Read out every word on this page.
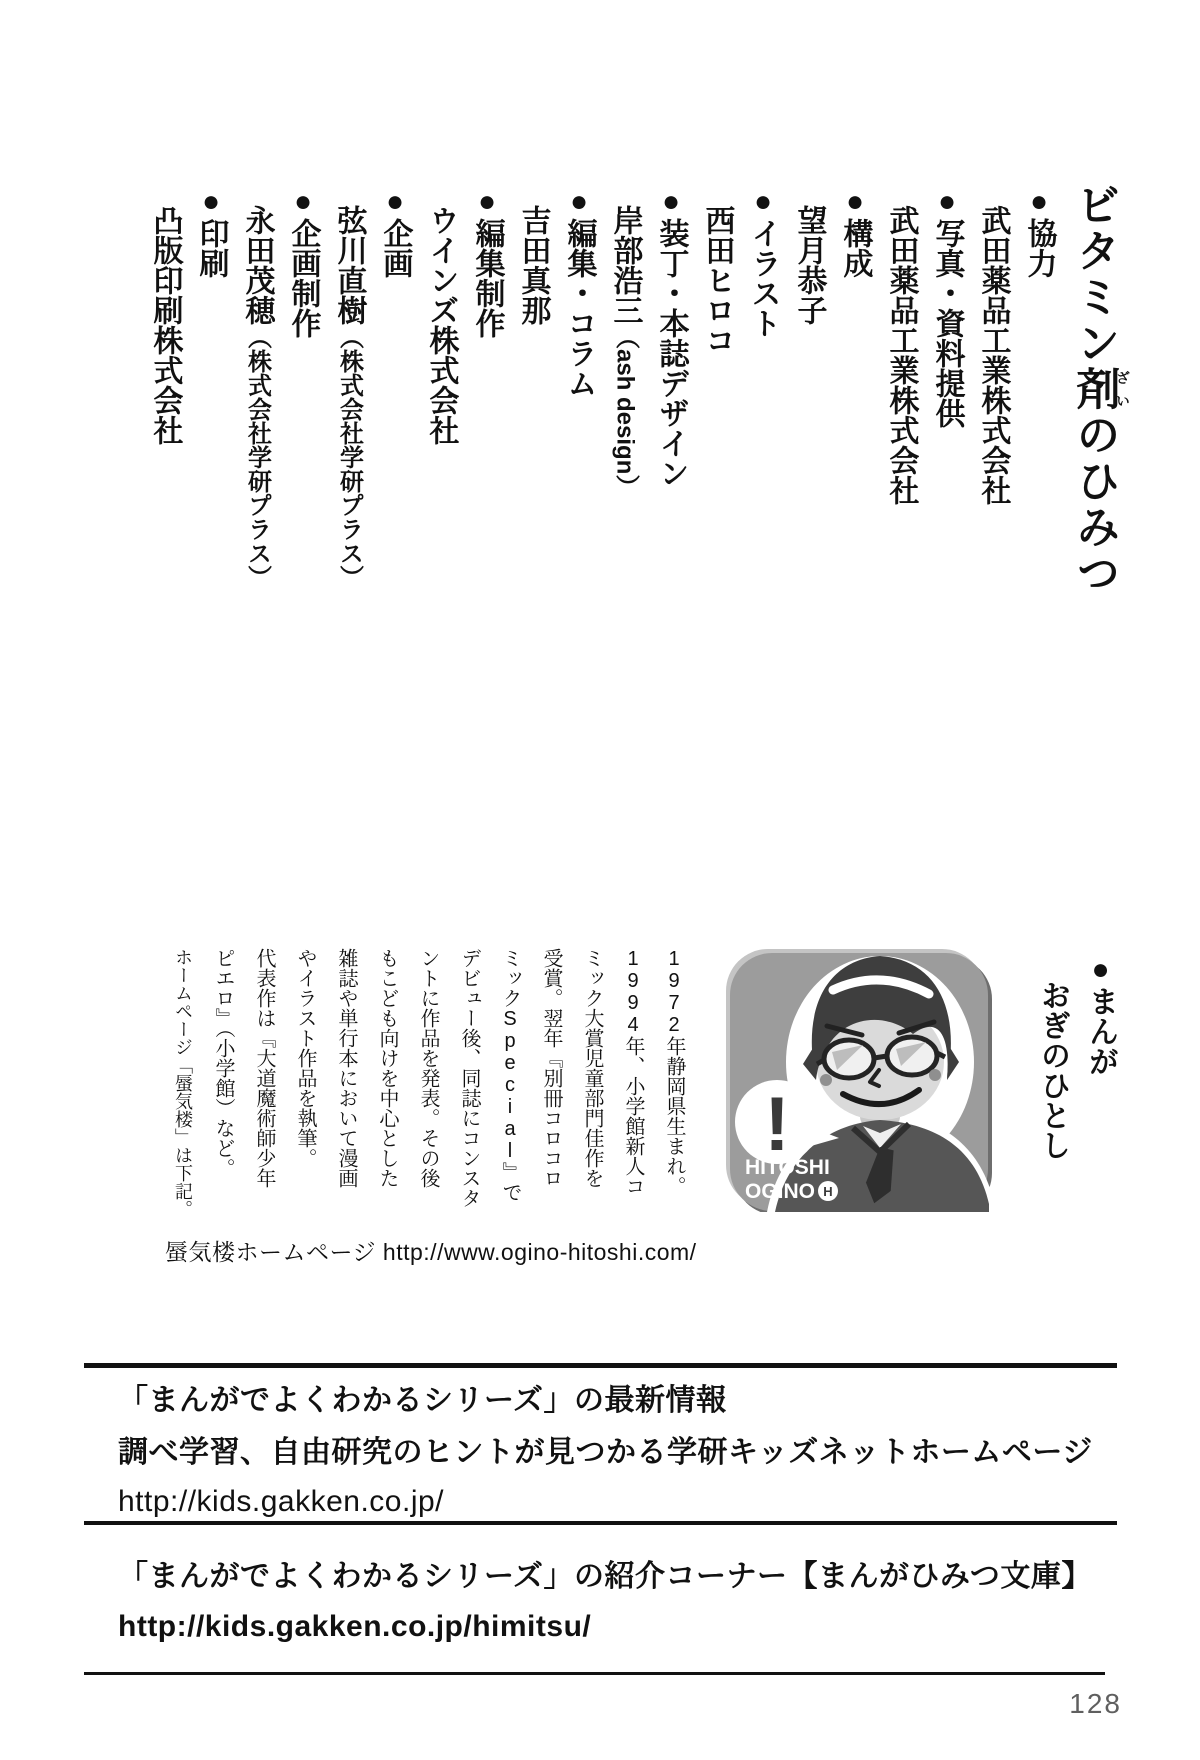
ビタミン剤ざいのひみつ
●協力
武田薬品工業株式会社
●写真・資料提供
武田薬品工業株式会社
●構成
望月恭子
●イラスト
西田ヒロコ
●装丁・本誌デザイン
岸部浩三（ash design）
●編集・コラム
吉田真那
●編集制作
ウインズ株式会社
●企画
弦川直樹（株式会社学研プラス）
●企画制作
永田茂穂（株式会社学研プラス）
●印刷
凸版印刷株式会社
●まんが
おぎのひとし
!
HITOSHI
OGINO H
1972年静岡県生まれ。
1994年、小学館新人コ
ミック大賞児童部門佳作を
受賞。翌年『別冊コロコロ
ミックSpecial』で
デビュー後、同誌にコンスタ
ントに作品を発表。その後
もこども向けを中心とした
雑誌や単行本において漫画
やイラスト作品を執筆。
代表作は『大道魔術師少年
ピエロ』（小学館）など。
ホームページ「蜃気楼」は下記。
蜃気楼ホームページ http://www.ogino-hitoshi.com/
「まんがでよくわかるシリーズ」の最新情報
調べ学習、自由研究のヒントが見つかる学研キッズネットホームページ
http://kids.gakken.co.jp/
「まんがでよくわかるシリーズ」の紹介コーナー【まんがひみつ文庫】
http://kids.gakken.co.jp/himitsu/
128
